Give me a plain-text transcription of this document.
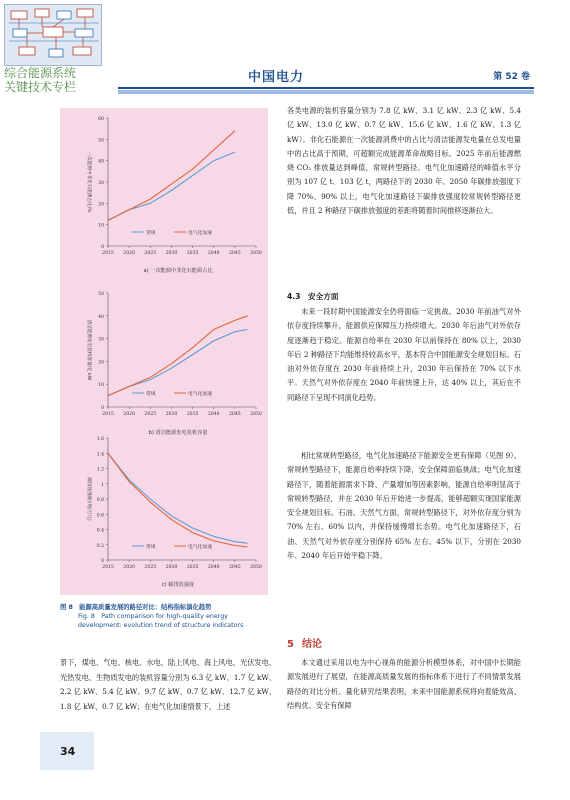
综合能源系统
关键技术专栏
中国电力	第 52 卷
0
10
20
30
40
50
60
2015 2020 2025 2030 2035 2040 2045 2050
一次能源中非化石能源占比/%
常规	电气化加速
a) 一次能源中非化石能源占比
0
10
20
30
40
50
2015 2020 2025 2030 2035 2040 2045 2050
清洁能源发电装机容量/亿 kW
常规	电气化加速
b) 清洁能源发电装机容量
0
0.2
0.4
0.6
0.8
1
1.2
1.4
1.6
2015 2020 2025 2030 2035 2040 2045 2050
碳排放强度/(吨/万元)
常规	电气化加速
c) 碳排放强度
图 8　能源高质量发展的路径对比：结构指标演化趋势
Fig. 8　Path comparison for high-quality energy development: evolution trend of structure indicators
各类电源的装机容量分别为 7.8 亿 kW、3.1 亿 kW、2.3 亿 kW、5.4 亿 kW、13.0 亿 kW、0.7 亿 kW、15.6 亿 kW、1.6 亿 kW、1.3 亿 kW）。非化石能源在一次能源消费中的占比与清洁能源发电量在总发电量中的占比高于预期，可超额完成能源革命战略目标。2025 年前后能源燃烧 CO₂ 排放量达到峰值，常规转型路径、电气化加速路径的峰值水平分别为 107 亿 t、103 亿 t，两路径下的 2030 年、2050 年碳排放强度下降 70%、90% 以上，电气化加速路径下碳排放强度较常规转型路径更低，并且 2 种路径下碳排放强度的差距将随着时间推移逐渐拉大。
4.3　安全方面

未来一段时期中国能源安全仍将面临一定挑战。2030 年前油气对外依存度持续攀升，能源供应保障压力持续增大。2030 年后油气对外依存度逐渐趋于稳定。能源自给率在 2030 年以前保持在 80% 以上，2030 年后 2 种路径下均能维持较高水平，基本符合中国能源安全规划目标。石油对外依存度在 2030 年前持续上升，2030 年后保持在 70% 以下水平。天然气对外依存度在 2040 年前快速上升，达 40% 以上，其后在不同路径下呈现不同演化趋势。

相比常规转型路径，电气化加速路径下能源安全更有保障（见图 9）。常规转型路径下，能源自给率持续下降，安全保障面临挑战；电气化加速路径下，随着能源需求下降、产量增加等因素影响，能源自给率明显高于常规转型路径，并在 2030 年后开始进一步提高，能够超额实现国家能源安全规划目标。石油、天然气方面，常规转型路径下，对外依存度分别为 70% 左右、60% 以内，并保持缓慢增长态势。电气化加速路径下，石油、天然气对外依存度分别保持 65% 左右、45% 以下，分别在 2030 年、2040 年后开始平稳下降。

5 结论

本文通过采用以电为中心视角的能源分析模型体系，对中国中长期能源发展进行了展望，在能源高质量发展的指标体系下进行了不同情景发展路径的对比分析。量化研究结果表明，未来中国能源系统将向着能效高、结构优、安全有保障

景下，煤电、气电、核电、水电、陆上风电、海上风电、光伏发电、光热发电、生物质发电的装机容量分别为 6.3 亿 kW、1.7 亿 kW、2.2 亿 kW、5.4 亿 kW、9.7 亿 kW、0.7 亿 kW、12.7 亿 kW、1.8 亿 kW、0.7 亿 kW；在电气化加速情景下，上述
34
